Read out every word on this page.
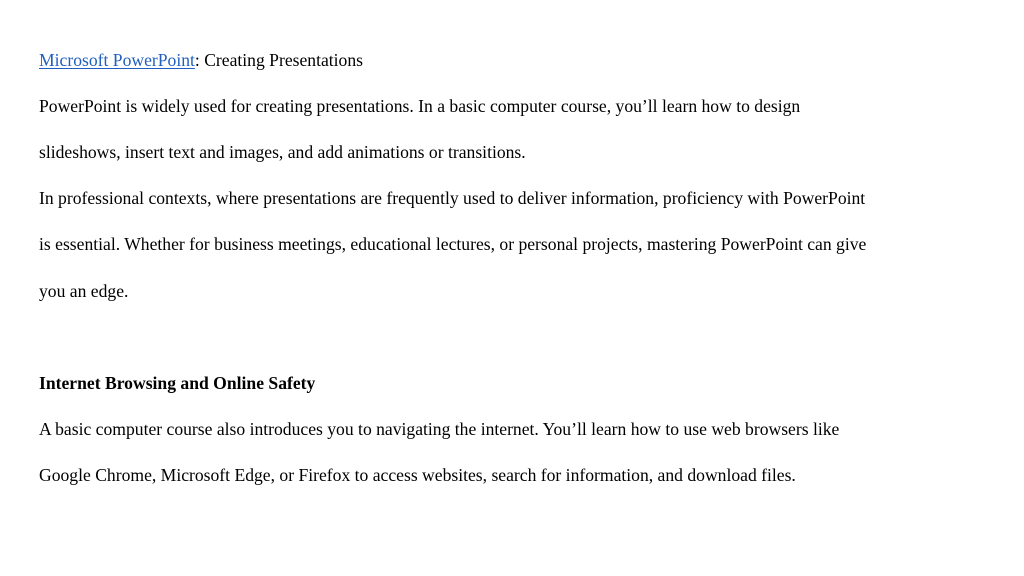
Microsoft PowerPoint: Creating Presentations
PowerPoint is widely used for creating presentations. In a basic computer course, you’ll learn how to design
slideshows, insert text and images, and add animations or transitions.
In professional contexts, where presentations are frequently used to deliver information, proficiency with PowerPoint
is essential. Whether for business meetings, educational lectures, or personal projects, mastering PowerPoint can give
you an edge.
Internet Browsing and Online Safety
A basic computer course also introduces you to navigating the internet. You’ll learn how to use web browsers like
Google Chrome, Microsoft Edge, or Firefox to access websites, search for information, and download files.
